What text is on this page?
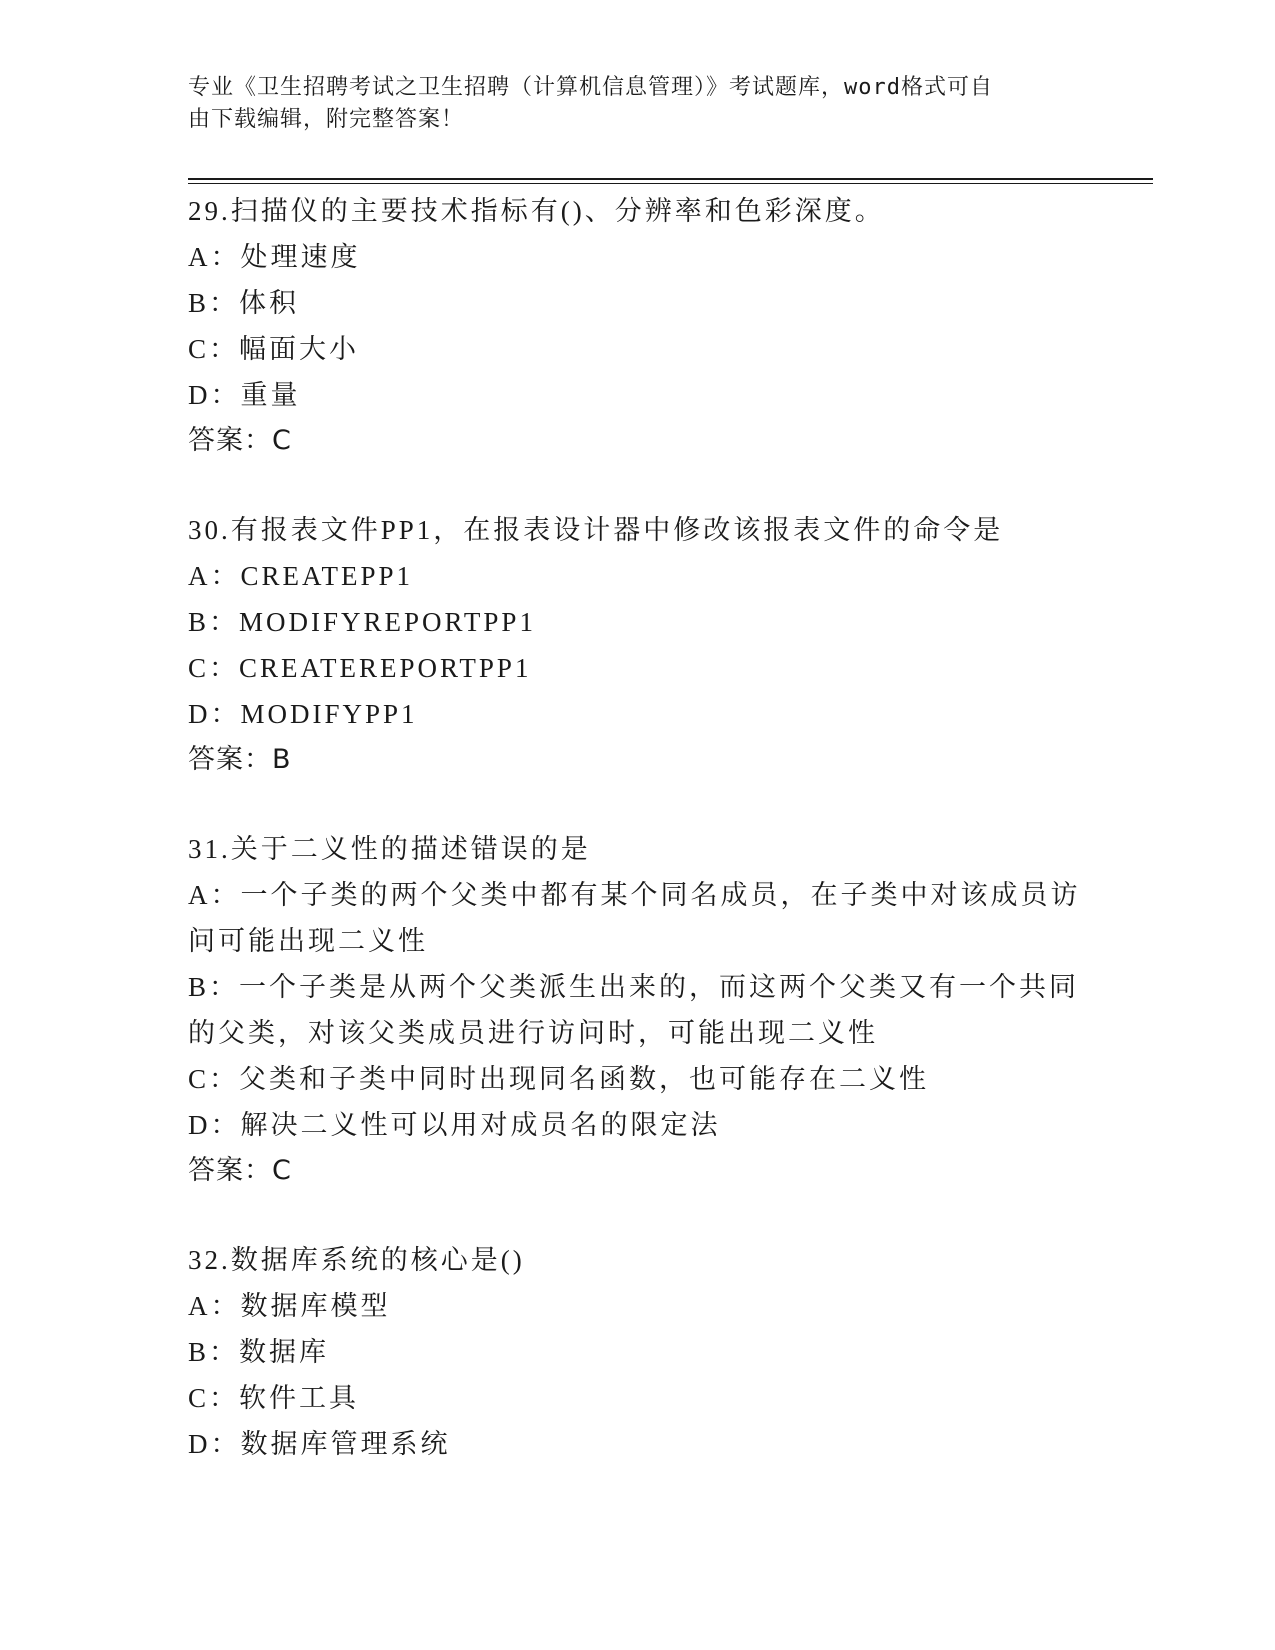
专业《卫生招聘考试之卫生招聘（计算机信息管理）》考试题库，word格式可自
由下载编辑，附完整答案！
29.扫描仪的主要技术指标有()、分辨率和色彩深度。
A：处理速度
B：体积
C：幅面大小
D：重量
答案：C
30.有报表文件PP1，在报表设计器中修改该报表文件的命令是
A：CREATEPP1
B：MODIFYREPORTPP1
C：CREATEREPORTPP1
D：MODIFYPP1
答案：B
31.关于二义性的描述错误的是
A：一个子类的两个父类中都有某个同名成员，在子类中对该成员访问可能出现二义性
B：一个子类是从两个父类派生出来的，而这两个父类又有一个共同的父类，对该父类成员进行访问时，可能出现二义性
C：父类和子类中同时出现同名函数，也可能存在二义性
D：解决二义性可以用对成员名的限定法
答案：C
32.数据库系统的核心是()
A：数据库模型
B：数据库
C：软件工具
D：数据库管理系统
